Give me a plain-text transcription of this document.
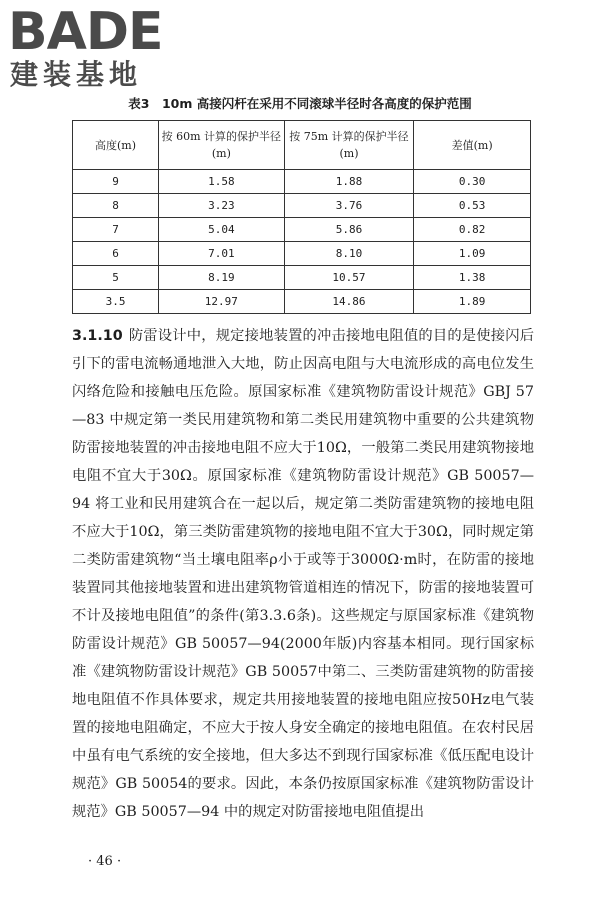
BADE
建装基地
表3　10m 高接闪杆在采用不同滚球半径时各高度的保护范围
高度(m)	按 60m 计算的保护半径(m)	按 75m 计算的保护半径(m)	差值(m)
9	1.58	1.88	0.30
8	3.23	3.76	0.53
7	5.04	5.86	0.82
6	7.01	8.10	1.09
5	8.19	10.57	1.38
3.5	12.97	14.86	1.89

3.1.10 防雷设计中，规定接地装置的冲击接地电阻值的目的是使接闪后引下的雷电流畅通地泄入大地，防止因高电阻与大电流形成的高电位发生闪络危险和接触电压危险。原国家标准《建筑物防雷设计规范》GBJ 57—83 中规定第一类民用建筑物和第二类民用建筑物中重要的公共建筑物防雷接地装置的冲击接地电阻不应大于10Ω，一般第二类民用建筑物接地电阻不宜大于30Ω。原国家标准《建筑物防雷设计规范》GB 50057—94 将工业和民用建筑合在一起以后，规定第二类防雷建筑物的接地电阻不应大于10Ω，第三类防雷建筑物的接地电阻不宜大于30Ω，同时规定第二类防雷建筑物“当土壤电阻率ρ小于或等于3000Ω·m时，在防雷的接地装置同其他接地装置和进出建筑物管道相连的情况下，防雷的接地装置可不计及接地电阻值”的条件(第3.3.6条)。这些规定与原国家标准《建筑物防雷设计规范》GB 50057—94(2000年版)内容基本相同。现行国家标准《建筑物防雷设计规范》GB 50057中第二、三类防雷建筑物的防雷接地电阻值不作具体要求，规定共用接地装置的接地电阻应按50Hz电气装置的接地电阻确定，不应大于按人身安全确定的接地电阻值。在农村民居中虽有电气系统的安全接地，但大多达不到现行国家标准《低压配电设计规范》GB 50054的要求。因此，本条仍按原国家标准《建筑物防雷设计规范》GB 50057—94 中的规定对防雷接地电阻值提出

· 46 ·
